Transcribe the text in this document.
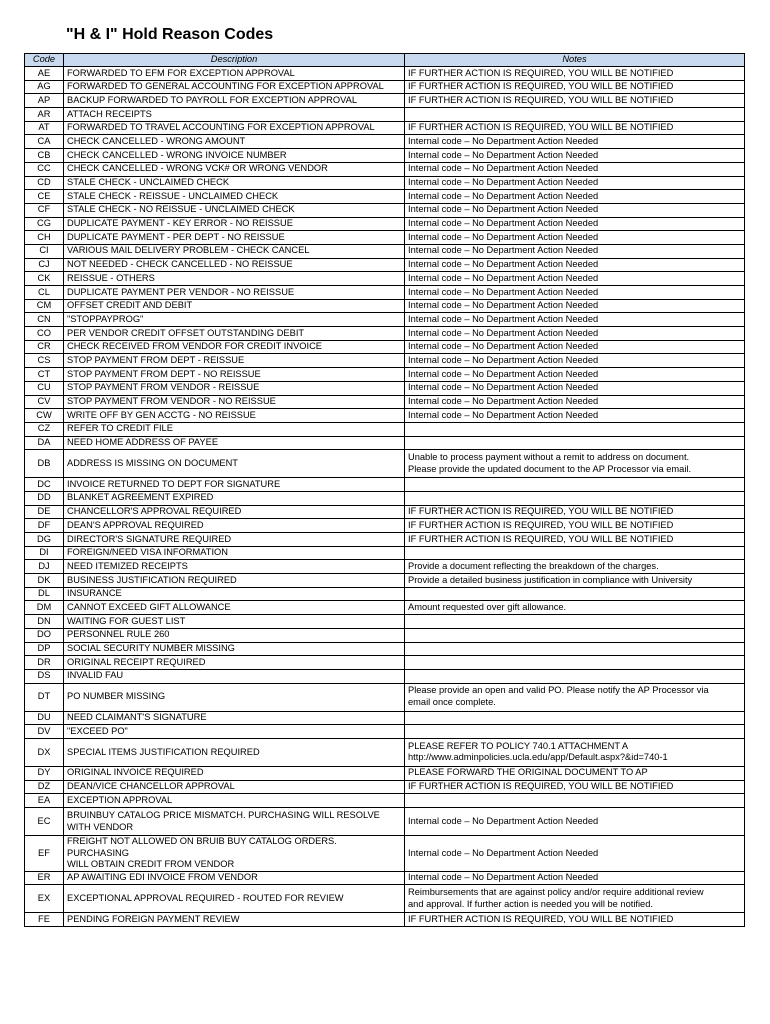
"H & I" Hold Reason Codes
Code	Description	Notes

AE	FORWARDED TO EFM FOR EXCEPTION APPROVAL	IF FURTHER ACTION IS REQUIRED, YOU WILL BE NOTIFIED

AG	FORWARDED TO GENERAL ACCOUNTING FOR EXCEPTION APPROVAL	IF FURTHER ACTION IS REQUIRED, YOU WILL BE NOTIFIED

AP	BACKUP FORWARDED TO PAYROLL FOR EXCEPTION APPROVAL	IF FURTHER ACTION IS REQUIRED, YOU WILL BE NOTIFIED

AR	ATTACH RECEIPTS	

AT	FORWARDED TO TRAVEL ACCOUNTING FOR EXCEPTION APPROVAL	IF FURTHER ACTION IS REQUIRED, YOU WILL BE NOTIFIED

CA	CHECK CANCELLED - WRONG AMOUNT	Internal code – No Department Action Needed

CB	CHECK CANCELLED - WRONG INVOICE NUMBER	Internal code – No Department Action Needed

CC	CHECK CANCELLED - WRONG VCK# OR WRONG VENDOR	Internal code – No Department Action Needed

CD	STALE CHECK - UNCLAIMED CHECK	Internal code – No Department Action Needed

CE	STALE CHECK - REISSUE - UNCLAIMED CHECK	Internal code – No Department Action Needed

CF	STALE CHECK - NO REISSUE - UNCLAIMED CHECK	Internal code – No Department Action Needed

CG	DUPLICATE PAYMENT - KEY ERROR - NO REISSUE	Internal code – No Department Action Needed

CH	DUPLICATE PAYMENT - PER DEPT - NO REISSUE	Internal code – No Department Action Needed

CI	VARIOUS MAIL DELIVERY PROBLEM - CHECK CANCEL	Internal code – No Department Action Needed

CJ	NOT NEEDED - CHECK CANCELLED - NO REISSUE	Internal code – No Department Action Needed

CK	REISSUE - OTHERS	Internal code – No Department Action Needed

CL	DUPLICATE PAYMENT PER VENDOR - NO REISSUE	Internal code – No Department Action Needed

CM	OFFSET CREDIT AND DEBIT	Internal code – No Department Action Needed

CN	"STOPPAYPROG"	Internal code – No Department Action Needed

CO	PER VENDOR CREDIT OFFSET OUTSTANDING DEBIT	Internal code – No Department Action Needed

CR	CHECK RECEIVED FROM VENDOR FOR CREDIT INVOICE	Internal code – No Department Action Needed

CS	STOP PAYMENT FROM DEPT - REISSUE	Internal code – No Department Action Needed

CT	STOP PAYMENT FROM DEPT - NO REISSUE	Internal code – No Department Action Needed

CU	STOP PAYMENT FROM VENDOR - REISSUE	Internal code – No Department Action Needed

CV	STOP PAYMENT FROM VENDOR - NO REISSUE	Internal code – No Department Action Needed

CW	WRITE OFF BY GEN ACCTG - NO REISSUE	Internal code – No Department Action Needed

CZ	REFER TO CREDIT FILE	

DA	NEED HOME ADDRESS OF PAYEE	

DB	ADDRESS IS MISSING ON DOCUMENT	Unable to process payment without a remit to address on document.
Please provide the updated document to the AP Processor via email.

DC	INVOICE RETURNED TO DEPT FOR SIGNATURE	

DD	BLANKET AGREEMENT EXPIRED	

DE	CHANCELLOR'S APPROVAL REQUIRED	IF FURTHER ACTION IS REQUIRED, YOU WILL BE NOTIFIED

DF	DEAN'S APPROVAL REQUIRED	IF FURTHER ACTION IS REQUIRED, YOU WILL BE NOTIFIED

DG	DIRECTOR'S SIGNATURE REQUIRED	IF FURTHER ACTION IS REQUIRED, YOU WILL BE NOTIFIED

DI	FOREIGN/NEED VISA INFORMATION	

DJ	NEED ITEMIZED RECEIPTS	Provide a document reflecting the breakdown of the charges.

DK	BUSINESS JUSTIFICATION REQUIRED	Provide a detailed business justification in compliance with University

DL	INSURANCE	

DM	CANNOT EXCEED GIFT ALLOWANCE	Amount requested over gift allowance.

DN	WAITING FOR GUEST LIST	

DO	PERSONNEL RULE 260	

DP	SOCIAL SECURITY NUMBER MISSING	

DR	ORIGINAL RECEIPT REQUIRED	

DS	INVALID FAU	

DT	PO NUMBER MISSING	Please provide an open and valid PO. Please notify the AP Processor via
email once complete.

DU	NEED CLAIMANT'S SIGNATURE	

DV	"EXCEED PO"	

DX	SPECIAL ITEMS JUSTIFICATION REQUIRED	PLEASE REFER TO POLICY 740.1 ATTACHMENT A
http://www.adminpolicies.ucla.edu/app/Default.aspx?&id=740-1

DY	ORIGINAL INVOICE REQUIRED	PLEASE FORWARD THE ORIGINAL DOCUMENT TO AP

DZ	DEAN/VICE CHANCELLOR APPROVAL	IF FURTHER ACTION IS REQUIRED, YOU WILL BE NOTIFIED

EA	EXCEPTION APPROVAL	

EC	BRUINBUY CATALOG PRICE MISMATCH. PURCHASING WILL RESOLVE
WITH VENDOR	Internal code – No Department Action Needed

EF	FREIGHT NOT ALLOWED ON BRUIB BUY CATALOG ORDERS. PURCHASING
WILL OBTAIN CREDIT FROM VENDOR	Internal code – No Department Action Needed

ER	AP AWAITING EDI INVOICE FROM VENDOR	Internal code – No Department Action Needed

EX	EXCEPTIONAL APPROVAL REQUIRED - ROUTED FOR REVIEW	Reimbursements that are against policy and/or require additional review
and approval. If further action is needed you will be notified.

FE	PENDING FOREIGN PAYMENT REVIEW	IF FURTHER ACTION IS REQUIRED, YOU WILL BE NOTIFIED
